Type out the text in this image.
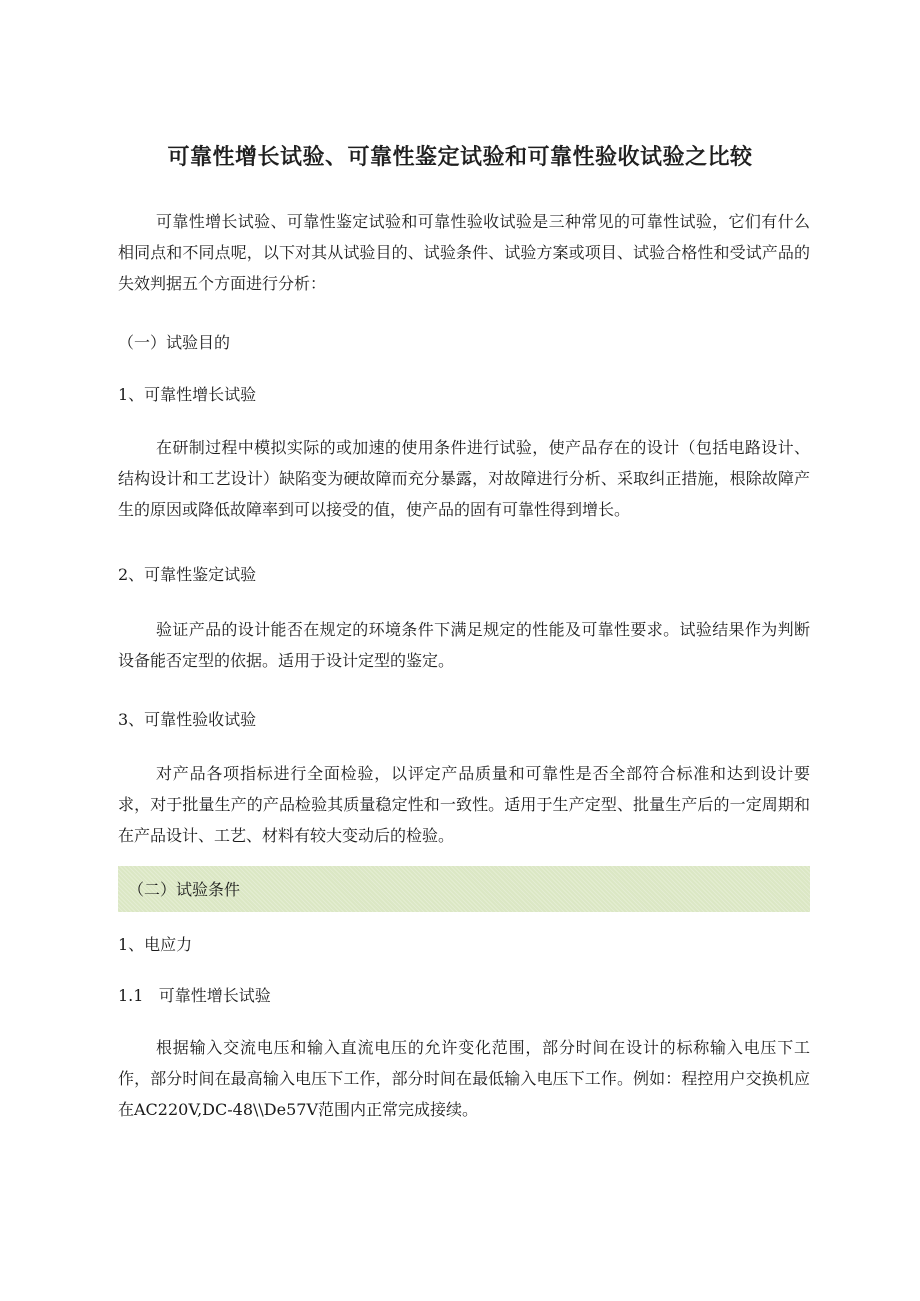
可靠性增长试验、可靠性鉴定试验和可靠性验收试验之比较
可靠性增长试验、可靠性鉴定试验和可靠性验收试验是三种常见的可靠性试验，它们有什么相同点和不同点呢，以下对其从试验目的、试验条件、试验方案或项目、试验合格性和受试产品的失效判据五个方面进行分析：
（一）试验目的
1、可靠性增长试验
在研制过程中模拟实际的或加速的使用条件进行试验，使产品存在的设计（包括电路设计、结构设计和工艺设计）缺陷变为硬故障而充分暴露，对故障进行分析、采取纠正措施，根除故障产生的原因或降低故障率到可以接受的值，使产品的固有可靠性得到增长。
2、可靠性鉴定试验
验证产品的设计能否在规定的环境条件下满足规定的性能及可靠性要求。试验结果作为判断设备能否定型的依据。适用于设计定型的鉴定。
3、可靠性验收试验
对产品各项指标进行全面检验，以评定产品质量和可靠性是否全部符合标准和达到设计要求，对于批量生产的产品检验其质量稳定性和一致性。适用于生产定型、批量生产后的一定周期和在产品设计、工艺、材料有较大变动后的检验。
（二）试验条件
1、电应力
1.1   可靠性增长试验
根据输入交流电压和输入直流电压的允许变化范围，部分时间在设计的标称输入电压下工作，部分时间在最高输入电压下工作，部分时间在最低输入电压下工作。例如：程控用户交换机应在AC220V,DC-48\\De57V范围内正常完成接续。
